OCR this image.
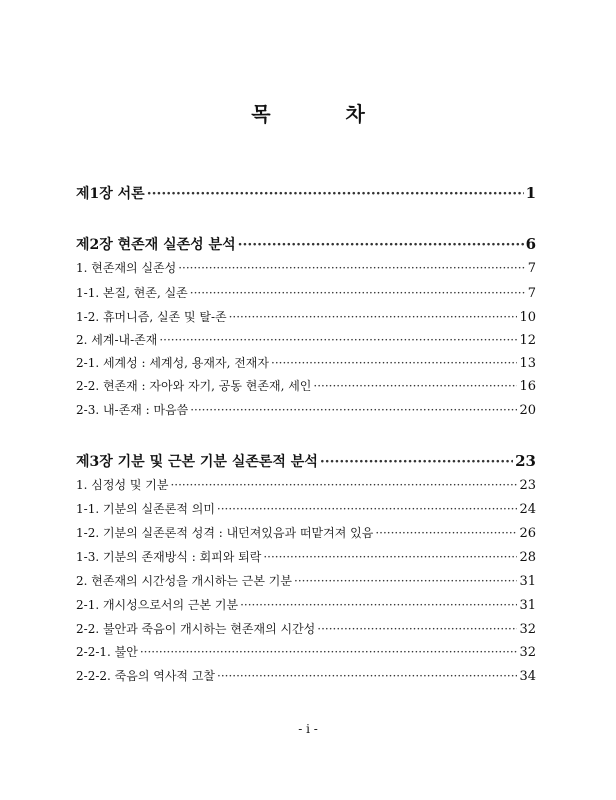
목 차
제1장 서론 ·····	1
제2장 현존재 실존성 분석 ·····	6
1. 현존재의 실존성 ·····	7
1-1. 본질, 현존, 실존 ·····	7
1-2. 휴머니즘, 실존 및 탈-존 ·····	10
2. 세계-내-존재 ·····	12
2-1. 세계성 : 세계성, 용재자, 전재자 ·····	13
2-2. 현존재 : 자아와 자기, 공동 현존재, 세인 ·····	16
2-3. 내-존재 : 마음씀 ·····	20
제3장 기분 및 근본 기분 실존론적 분석 ·····	23
1. 심정성 및 기분 ·····	23
1-1. 기분의 실존론적 의미 ·····	24
1-2. 기분의 실존론적 성격 : 내던져있음과 떠맡겨져 있음 ·····	26
1-3. 기분의 존재방식 : 회피와 퇴락 ·····	28
2. 현존재의 시간성을 개시하는 근본 기분 ·····	31
2-1. 개시성으로서의 근본 기분 ·····	31
2-2. 불안과 죽음이 개시하는 현존재의 시간성 ·····	32
2-2-1. 불안 ·····	32
2-2-2. 죽음의 역사적 고찰 ·····	34
- i -
